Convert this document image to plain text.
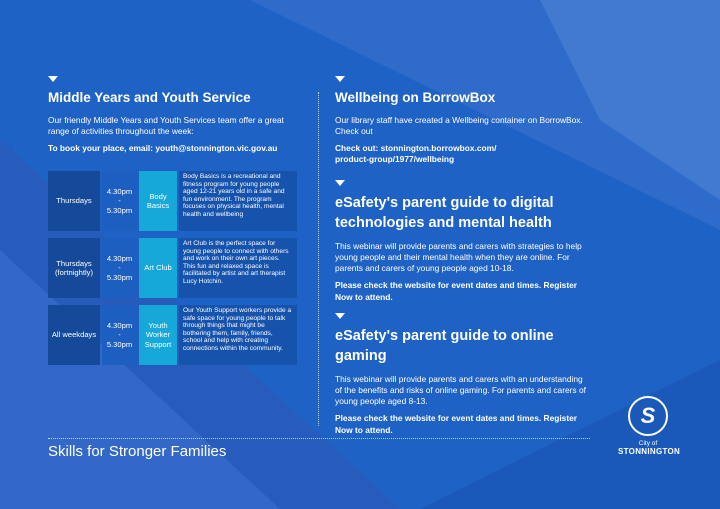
Middle Years and Youth Service

Our friendly Middle Years and Youth Services team offer a great range of activities throughout the week:

To book your place, email: youth@stonnington.vic.gov.au

Thursdays
4.30pm
-
5.30pm
Body Basics
Body Basics is a recreational and fitness program for young people aged 12-21 years old in a safe and fun environment. The program focuses on physical health, mental health and wellbeing
Thursdays (fortnightly)
4.30pm
-
5.30pm
Art Club
Art Club is the perfect space for young people to connect with others and work on their own art pieces. This fun and relaxed space is facilitated by artist and art therapist Lucy Hotchin.
All weekdays
4.30pm
-
5.30pm
Youth Worker Support
Our Youth Support workers provide a safe space for young people to talk through things that might be bothering them, family, friends, school and help with creating connections within the community.
Wellbeing on BorrowBox

Our library staff have created a Wellbeing container on BorrowBox. Check out

Check out: stonnington.borrowbox.com/
product-group/1977/wellbeing

eSafety's parent guide to digital technologies and mental health

This webinar will provide parents and carers with strategies to help young people and their mental health when they are online. For parents and carers of young people aged 10-18.

Please check the website for event dates and times. Register Now to attend.

eSafety's parent guide to online gaming

This webinar will provide parents and carers with an understanding of the benefits and risks of online gaming. For parents and carers of young people aged 8-13.

Please check the website for event dates and times. Register Now to attend.

Skills for Stronger Families
S
City of
STONNINGTON
